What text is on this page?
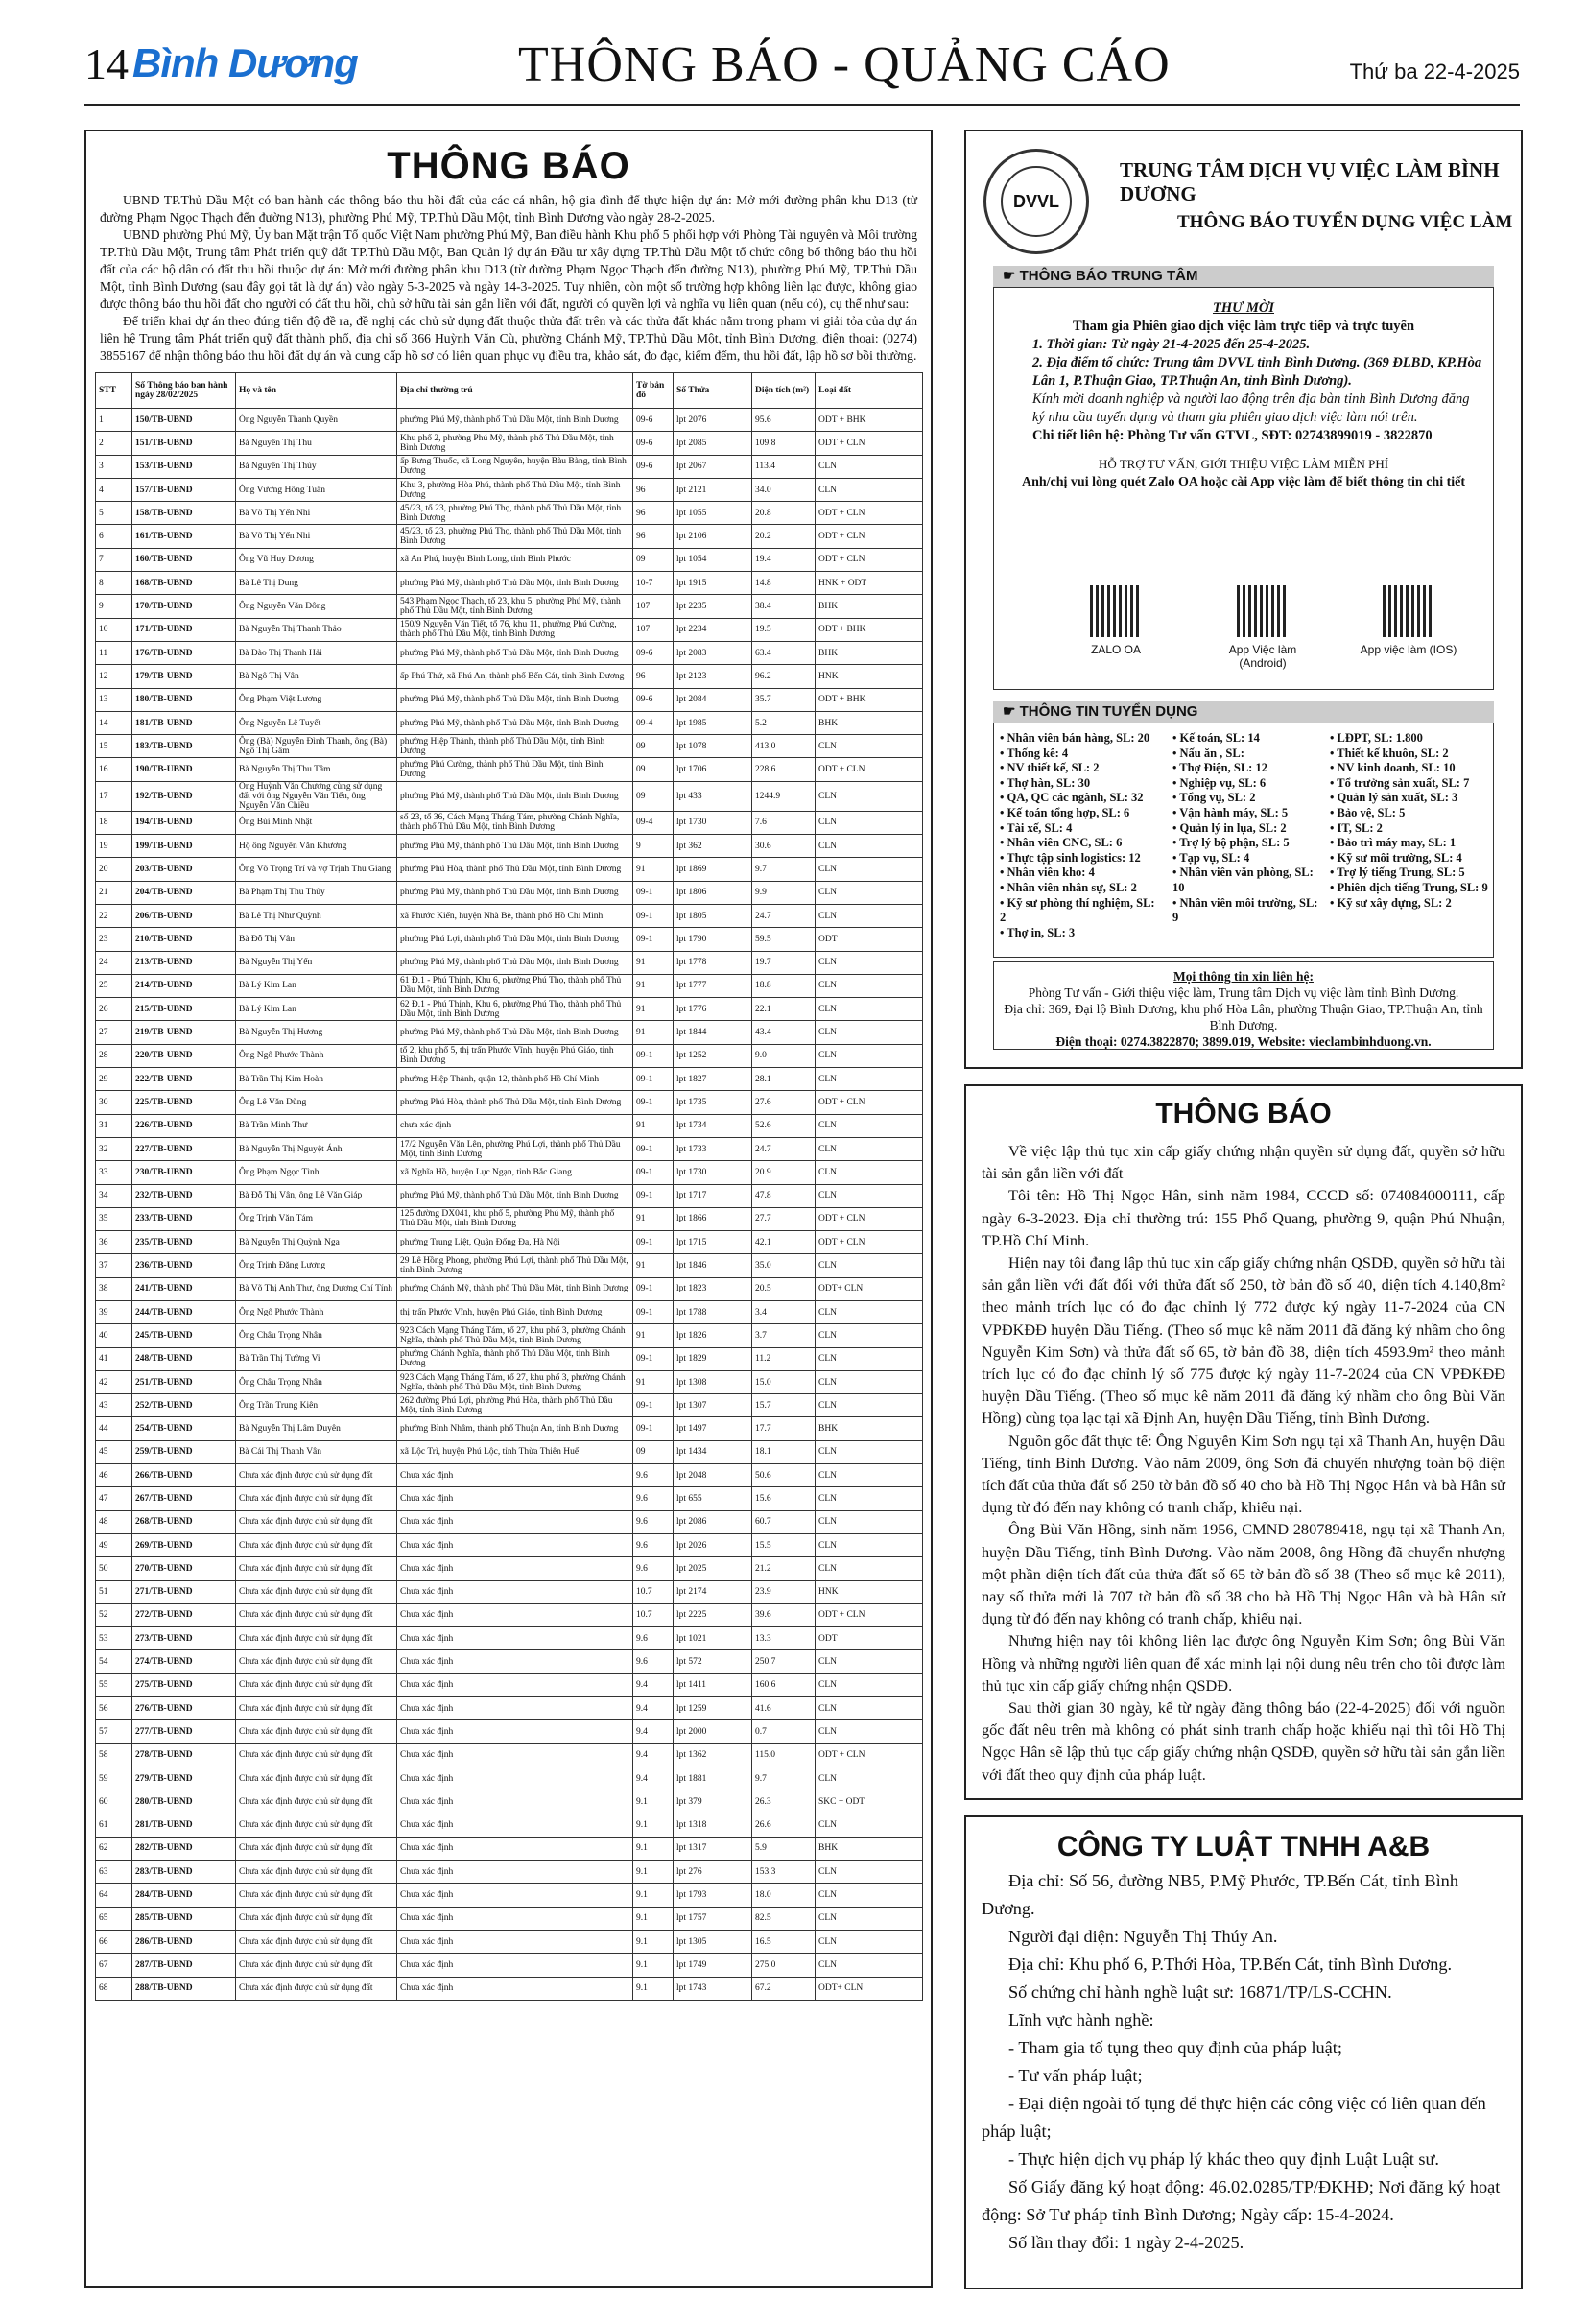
14 Bình Dương	THÔNG BÁO - QUẢNG CÁO	Thứ ba 22-4-2025
THÔNG BÁO

UBND TP.Thủ Dầu Một có ban hành các thông báo thu hồi đất của các cá nhân, hộ gia đình để thực hiện dự án: Mở mới đường phân khu D13 (từ đường Phạm Ngọc Thạch đến đường N13), phường Phú Mỹ, TP.Thủ Dầu Một, tỉnh Bình Dương vào ngày 28-2-2025.

UBND phường Phú Mỹ, Ủy ban Mặt trận Tổ quốc Việt Nam phường Phú Mỹ, Ban điều hành Khu phố 5 phối hợp với Phòng Tài nguyên và Môi trường TP.Thủ Dầu Một, Trung tâm Phát triển quỹ đất TP.Thủ Dầu Một, Ban Quản lý dự án Đầu tư xây dựng TP.Thủ Dầu Một tổ chức công bố thông báo thu hồi đất của các hộ dân có đất thu hồi thuộc dự án: Mở mới đường phân khu D13 (từ đường Phạm Ngọc Thạch đến đường N13), phường Phú Mỹ, TP.Thủ Dầu Một, tỉnh Bình Dương (sau đây gọi tắt là dự án) vào ngày 5-3-2025 và ngày 14-3-2025. Tuy nhiên, còn một số trường hợp không liên lạc được, không giao được thông báo thu hồi đất cho người có đất thu hồi, chủ sở hữu tài sản gắn liền với đất, người có quyền lợi và nghĩa vụ liên quan (nếu có), cụ thể như sau:

Để triển khai dự án theo đúng tiến độ đề ra, đề nghị các chủ sử dụng đất thuộc thửa đất trên và các thửa đất khác nằm trong phạm vi giải tỏa của dự án liên hệ Trung tâm Phát triển quỹ đất thành phố, địa chỉ số 366 Huỳnh Văn Cù, phường Chánh Mỹ, TP.Thủ Dầu Một, tỉnh Bình Dương, điện thoại: (0274) 3855167 để nhận thông báo thu hồi đất dự án và cung cấp hồ sơ có liên quan phục vụ điều tra, khảo sát, đo đạc, kiểm đếm, thu hồi đất, lập hồ sơ bồi thường.

STT	Số Thông báo ban hành ngày 28/02/2025	Họ và tên	Địa chỉ thường trú	Tờ bản đồ	Số Thửa	Diện tích (m²)	Loại đất
1	150/TB-UBND	Ông Nguyễn Thanh Quyền	phường Phú Mỹ, thành phố Thủ Dầu Một, tỉnh Bình Dương	09-6	lpt 2076	95.6	ODT + BHK
2	151/TB-UBND	Bà Nguyễn Thị Thu	Khu phố 2, phường Phú Mỹ, thành phố Thủ Dầu Một, tỉnh Bình Dương	09-6	lpt 2085	109.8	ODT + CLN
3	153/TB-UBND	Bà Nguyễn Thị Thủy	ấp Bưng Thuốc, xã Long Nguyên, huyện Bàu Bàng, tỉnh Bình Dương	09-6	lpt 2067	113.4	CLN
4	157/TB-UBND	Ông Vương Hồng Tuấn	Khu 3, phường Hòa Phú, thành phố Thủ Dầu Một, tỉnh Bình Dương	96	lpt 2121	34.0	CLN
5	158/TB-UBND	Bà Võ Thị Yến Nhi	45/23, tổ 23, phường Phú Thọ, thành phố Thủ Dầu Một, tỉnh Bình Dương	96	lpt 1055	20.8	ODT + CLN
6	161/TB-UBND	Bà Võ Thị Yến Nhi	45/23, tổ 23, phường Phú Thọ, thành phố Thủ Dầu Một, tỉnh Bình Dương	96	lpt 2106	20.2	ODT + CLN
7	160/TB-UBND	Ông Vũ Huy Dương	xã An Phú, huyện Bình Long, tỉnh Bình Phước	09	lpt 1054	19.4	ODT + CLN
8	168/TB-UBND	Bà Lê Thị Dung	phường Phú Mỹ, thành phố Thủ Dầu Một, tỉnh Bình Dương	10-7	lpt 1915	14.8	HNK + ODT
9	170/TB-UBND	Ông Nguyễn Văn Đông	543 Phạm Ngọc Thạch, tổ 23, khu 5, phường Phú Mỹ, thành phố Thủ Dầu Một, tỉnh Bình Dương	107	lpt 2235	38.4	BHK
10	171/TB-UBND	Bà Nguyễn Thị Thanh Thảo	150/9 Nguyễn Văn Tiết, tổ 76, khu 11, phường Phú Cường, thành phố Thủ Dầu Một, tỉnh Bình Dương	107	lpt 2234	19.5	ODT + BHK
11	176/TB-UBND	Bà Đào Thị Thanh Hải	phường Phú Mỹ, thành phố Thủ Dầu Một, tỉnh Bình Dương	09-6	lpt 2083	63.4	BHK
12	179/TB-UBND	Bà Ngô Thị Vân	ấp Phú Thứ, xã Phú An, thành phố Bến Cát, tỉnh Bình Dương	96	lpt 2123	96.2	HNK
13	180/TB-UBND	Ông Phạm Việt Lương	phường Phú Mỹ, thành phố Thủ Dầu Một, tỉnh Bình Dương	09-6	lpt 2084	35.7	ODT + BHK
14	181/TB-UBND	Ông Nguyễn Lê Tuyết	phường Phú Mỹ, thành phố Thủ Dầu Một, tỉnh Bình Dương	09-4	lpt 1985	5.2	BHK
15	183/TB-UBND	Ông (Bà) Nguyễn Đình Thanh, ông (Bà) Ngô Thị Gấm	phường Hiệp Thành, thành phố Thủ Dầu Một, tỉnh Bình Dương	09	lpt 1078	413.0	CLN
16	190/TB-UBND	Bà Nguyễn Thị Thu Tâm	phường Phú Cường, thành phố Thủ Dầu Một, tỉnh Bình Dương	09	lpt 1706	228.6	ODT + CLN
17	192/TB-UBND	Ông Huỳnh Văn Chương cùng sử dụng đất với ông Nguyễn Văn Tiến, ông Nguyễn Văn Chiều	phường Phú Mỹ, thành phố Thủ Dầu Một, tỉnh Bình Dương	09	lpt 433	1244.9	CLN
18	194/TB-UBND	Ông Bùi Minh Nhật	số 23, tổ 36, Cách Mạng Tháng Tám, phường Chánh Nghĩa, thành phố Thủ Dầu Một, tỉnh Bình Dương	09-4	lpt 1730	7.6	CLN
19	199/TB-UBND	Hộ ông Nguyễn Văn Khương	phường Phú Mỹ, thành phố Thủ Dầu Một, tỉnh Bình Dương	9	lpt 362	30.6	CLN
20	203/TB-UBND	Ông Võ Trọng Trí và vợ Trịnh Thu Giang	phường Phú Hòa, thành phố Thủ Dầu Một, tỉnh Bình Dương	91	lpt 1869	9.7	CLN
21	204/TB-UBND	Bà Phạm Thị Thu Thủy	phường Phú Mỹ, thành phố Thủ Dầu Một, tỉnh Bình Dương	09-1	lpt 1806	9.9	CLN
22	206/TB-UBND	Bà Lê Thị Như Quỳnh	xã Phước Kiển, huyện Nhà Bè, thành phố Hồ Chí Minh	09-1	lpt 1805	24.7	CLN
23	210/TB-UBND	Bà Đỗ Thị Vân	phường Phú Lợi, thành phố Thủ Dầu Một, tỉnh Bình Dương	09-1	lpt 1790	59.5	ODT
24	213/TB-UBND	Bà Nguyễn Thị Yến	phường Phú Mỹ, thành phố Thủ Dầu Một, tỉnh Bình Dương	91	lpt 1778	19.7	CLN
25	214/TB-UBND	Bà Lý Kim Lan	61 Đ.1 - Phú Thịnh, Khu 6, phường Phú Thọ, thành phố Thủ Dầu Một, tỉnh Bình Dương	91	lpt 1777	18.8	CLN
26	215/TB-UBND	Bà Lý Kim Lan	62 Đ.1 - Phú Thịnh, Khu 6, phường Phú Thọ, thành phố Thủ Dầu Một, tỉnh Bình Dương	91	lpt 1776	22.1	CLN
27	219/TB-UBND	Bà Nguyễn Thị Hương	phường Phú Mỹ, thành phố Thủ Dầu Một, tỉnh Bình Dương	91	lpt 1844	43.4	CLN
28	220/TB-UBND	Ông Ngô Phước Thành	tổ 2, khu phố 5, thị trấn Phước Vĩnh, huyện Phú Giáo, tỉnh Bình Dương	09-1	lpt 1252	9.0	CLN
29	222/TB-UBND	Bà Trần Thị Kim Hoàn	phường Hiệp Thành, quận 12, thành phố Hồ Chí Minh	09-1	lpt 1827	28.1	CLN
30	225/TB-UBND	Ông Lê Văn Dũng	phường Phú Hòa, thành phố Thủ Dầu Một, tỉnh Bình Dương	09-1	lpt 1735	27.6	ODT + CLN
31	226/TB-UBND	Bà Trần Minh Thư	chưa xác định	91	lpt 1734	52.6	CLN
32	227/TB-UBND	Bà Nguyễn Thị Nguyệt Ánh	17/2 Nguyễn Văn Lên, phường Phú Lợi, thành phố Thủ Dầu Một, tỉnh Bình Dương	09-1	lpt 1733	24.7	CLN
33	230/TB-UBND	Ông Phạm Ngọc Tình	xã Nghĩa Hồ, huyện Lục Ngạn, tỉnh Bắc Giang	09-1	lpt 1730	20.9	CLN
34	232/TB-UBND	Bà Đỗ Thị Vân, ông Lê Văn Giáp	phường Phú Mỹ, thành phố Thủ Dầu Một, tỉnh Bình Dương	09-1	lpt 1717	47.8	CLN
35	233/TB-UBND	Ông Trịnh Văn Tám	125 đường DX041, khu phố 5, phường Phú Mỹ, thành phố Thủ Dầu Một, tỉnh Bình Dương	91	lpt 1866	27.7	ODT + CLN
36	235/TB-UBND	Bà Nguyễn Thị Quỳnh Nga	phường Trung Liệt, Quận Đống Đa, Hà Nội	09-1	lpt 1715	42.1	ODT + CLN
37	236/TB-UBND	Ông Trịnh Đăng Lương	29 Lê Hồng Phong, phường Phú Lợi, thành phố Thủ Dầu Một, tỉnh Bình Dương	91	lpt 1846	35.0	CLN
38	241/TB-UBND	Bà Võ Thị Anh Thư, ông Dương Chí Tính	phường Chánh Mỹ, thành phố Thủ Dầu Một, tỉnh Bình Dương	09-1	lpt 1823	20.5	ODT+ CLN
39	244/TB-UBND	Ông Ngô Phước Thành	thị trấn Phước Vĩnh, huyện Phú Giáo, tỉnh Bình Dương	09-1	lpt 1788	3.4	CLN
40	245/TB-UBND	Ông Châu Trọng Nhân	923 Cách Mạng Tháng Tám, tổ 27, khu phố 3, phường Chánh Nghĩa, thành phố Thủ Dầu Một, tỉnh Bình Dương	91	lpt 1826	3.7	CLN
41	248/TB-UBND	Bà Trần Thị Tường Vi	phường Chánh Nghĩa, thành phố Thủ Dầu Một, tỉnh Bình Dương	09-1	lpt 1829	11.2	CLN
42	251/TB-UBND	Ông Châu Trọng Nhân	923 Cách Mạng Tháng Tám, tổ 27, khu phố 3, phường Chánh Nghĩa, thành phố Thủ Dầu Một, tỉnh Bình Dương	91	lpt 1308	15.0	CLN
43	252/TB-UBND	Ông Trần Trung Kiên	262 đường Phú Lợi, phường Phú Hòa, thành phố Thủ Dầu Một, tỉnh Bình Dương	09-1	lpt 1307	15.7	CLN
44	254/TB-UBND	Bà Nguyễn Thị Lâm Duyên	phường Bình Nhâm, thành phố Thuận An, tỉnh Bình Dương	09-1	lpt 1497	17.7	BHK
45	259/TB-UBND	Bà Cái Thị Thanh Vân	xã Lộc Trì, huyện Phú Lộc, tỉnh Thừa Thiên Huế	09	lpt 1434	18.1	CLN
46	266/TB-UBND	Chưa xác định được chủ sử dụng đất	Chưa xác định	9.6	lpt 2048	50.6	CLN
47	267/TB-UBND	Chưa xác định được chủ sử dụng đất	Chưa xác định	9.6	lpt 655	15.6	CLN
48	268/TB-UBND	Chưa xác định được chủ sử dụng đất	Chưa xác định	9.6	lpt 2086	60.7	CLN
49	269/TB-UBND	Chưa xác định được chủ sử dụng đất	Chưa xác định	9.6	lpt 2026	15.5	CLN
50	270/TB-UBND	Chưa xác định được chủ sử dụng đất	Chưa xác định	9.6	lpt 2025	21.2	CLN
51	271/TB-UBND	Chưa xác định được chủ sử dụng đất	Chưa xác định	10.7	lpt 2174	23.9	HNK
52	272/TB-UBND	Chưa xác định được chủ sử dụng đất	Chưa xác định	10.7	lpt 2225	39.6	ODT + CLN
53	273/TB-UBND	Chưa xác định được chủ sử dụng đất	Chưa xác định	9.6	lpt 1021	13.3	ODT
54	274/TB-UBND	Chưa xác định được chủ sử dụng đất	Chưa xác định	9.6	lpt 572	250.7	CLN
55	275/TB-UBND	Chưa xác định được chủ sử dụng đất	Chưa xác định	9.4	lpt 1411	160.6	CLN
56	276/TB-UBND	Chưa xác định được chủ sử dụng đất	Chưa xác định	9.4	lpt 1259	41.6	CLN
57	277/TB-UBND	Chưa xác định được chủ sử dụng đất	Chưa xác định	9.4	lpt 2000	0.7	CLN
58	278/TB-UBND	Chưa xác định được chủ sử dụng đất	Chưa xác định	9.4	lpt 1362	115.0	ODT + CLN
59	279/TB-UBND	Chưa xác định được chủ sử dụng đất	Chưa xác định	9.4	lpt 1881	9.7	CLN
60	280/TB-UBND	Chưa xác định được chủ sử dụng đất	Chưa xác định	9.1	lpt 379	26.3	SKC + ODT
61	281/TB-UBND	Chưa xác định được chủ sử dụng đất	Chưa xác định	9.1	lpt 1318	26.6	CLN
62	282/TB-UBND	Chưa xác định được chủ sử dụng đất	Chưa xác định	9.1	lpt 1317	5.9	BHK
63	283/TB-UBND	Chưa xác định được chủ sử dụng đất	Chưa xác định	9.1	lpt 276	153.3	CLN
64	284/TB-UBND	Chưa xác định được chủ sử dụng đất	Chưa xác định	9.1	lpt 1793	18.0	CLN
65	285/TB-UBND	Chưa xác định được chủ sử dụng đất	Chưa xác định	9.1	lpt 1757	82.5	CLN
66	286/TB-UBND	Chưa xác định được chủ sử dụng đất	Chưa xác định	9.1	lpt 1305	16.5	CLN
67	287/TB-UBND	Chưa xác định được chủ sử dụng đất	Chưa xác định	9.1	lpt 1749	275.0	CLN
68	288/TB-UBND	Chưa xác định được chủ sử dụng đất	Chưa xác định	9.1	lpt 1743	67.2	ODT+ CLN
DVVL
TRUNG TÂM DỊCH VỤ VIỆC LÀM BÌNH DƯƠNG
THÔNG BÁO TUYỂN DỤNG VIỆC LÀM
☛ THÔNG BÁO TRUNG TÂM
THƯ MỜI
Tham gia Phiên giao dịch việc làm trực tiếp và trực tuyến
1. Thời gian: Từ ngày 21-4-2025 đến 25-4-2025.
2. Địa điểm tổ chức: Trung tâm DVVL tỉnh Bình Dương. (369 ĐLBD, KP.Hòa Lân 1, P.Thuận Giao, TP.Thuận An, tỉnh Bình Dương).
Kính mời doanh nghiệp và người lao động trên địa bàn tỉnh Bình Dương đăng ký nhu cầu tuyển dụng và tham gia phiên giao dịch việc làm nói trên.
Chi tiết liên hệ: Phòng Tư vấn GTVL, SĐT: 02743899019 - 3822870
HỖ TRỢ TƯ VẤN, GIỚI THIỆU VIỆC LÀM MIỄN PHÍ
Anh/chị vui lòng quét Zalo OA hoặc cài App việc làm để biết thông tin chi tiết
ZALO OA	App Việc làm (Android)
App việc làm (IOS)
☛ THÔNG TIN TUYỂN DỤNG
• Nhân viên bán hàng, SL: 20
• Thống kê: 4
• NV thiết kế, SL: 2
• Thợ hàn, SL: 30
• QA, QC các ngành, SL: 32
• Kế toán tổng hợp, SL: 6
• Tài xế, SL: 4
• Nhân viên CNC, SL: 6
• Thực tập sinh logistics: 12
• Nhân viên kho: 4
• Nhân viên nhân sự, SL: 2
• Kỹ sư phòng thí nghiệm, SL: 2
• Thợ in, SL: 3
• Kế toán, SL: 14
• Nấu ăn , SL:
• Thợ Điện, SL: 12
• Nghiệp vụ, SL: 6
• Tổng vụ, SL: 2
• Vận hành máy, SL: 5
• Quản lý in lụa, SL: 2
• Trợ lý bộ phận, SL: 5
• Tạp vụ, SL: 4
• Nhân viên văn phòng, SL: 10
• Nhân viên môi trường, SL: 9
• LĐPT, SL: 1.800
• Thiết kế khuôn, SL: 2
• NV kinh doanh, SL: 10
• Tổ trưởng sản xuất, SL: 7
• Quản lý sản xuất, SL: 3
• Bảo vệ, SL: 5
• IT, SL: 2
• Bảo trì máy may, SL: 1
• Kỹ sư môi trường, SL: 4
• Trợ lý tiếng Trung, SL: 5
• Phiên dịch tiếng Trung, SL: 9
• Kỹ sư xây dựng, SL: 2
Mọi thông tin xin liên hệ:
Phòng Tư vấn - Giới thiệu việc làm, Trung tâm Dịch vụ việc làm tỉnh Bình Dương.
Địa chỉ: 369, Đại lộ Bình Dương, khu phố Hòa Lân, phường Thuận Giao, TP.Thuận An, tỉnh Bình Dương.
Điện thoại: 0274.3822870; 3899.019, Website: vieclambinhduong.vn.
THÔNG BÁO

Về việc lập thủ tục xin cấp giấy chứng nhận quyền sử dụng đất, quyền sở hữu tài sản gắn liền với đất

Tôi tên: Hồ Thị Ngọc Hân, sinh năm 1984, CCCD số: 074084000111, cấp ngày 6-3-2023. Địa chỉ thường trú: 155 Phổ Quang, phường 9, quận Phú Nhuận, TP.Hồ Chí Minh.

Hiện nay tôi đang lập thủ tục xin cấp giấy chứng nhận QSDĐ, quyền sở hữu tài sản gắn liền với đất đối với thửa đất số 250, tờ bản đồ số 40, diện tích 4.140,8m² theo mảnh trích lục có đo đạc chỉnh lý 772 được ký ngày 11-7-2024 của CN VPĐKĐĐ huyện Dầu Tiếng. (Theo số mục kê năm 2011 đã đăng ký nhầm cho ông Nguyễn Kim Sơn) và thửa đất số 65, tờ bản đồ 38, diện tích 4593.9m² theo mảnh trích lục có đo đạc chỉnh lý số 775 được ký ngày 11-7-2024 của CN VPĐKĐĐ huyện Dầu Tiếng. (Theo số mục kê năm 2011 đã đăng ký nhầm cho ông Bùi Văn Hồng) cùng tọa lạc tại xã Định An, huyện Dầu Tiếng, tỉnh Bình Dương.

Nguồn gốc đất thực tế: Ông Nguyễn Kim Sơn ngụ tại xã Thanh An, huyện Dầu Tiếng, tỉnh Bình Dương. Vào năm 2009, ông Sơn đã chuyển nhượng toàn bộ diện tích đất của thửa đất số 250 tờ bản đồ số 40 cho bà Hồ Thị Ngọc Hân và bà Hân sử dụng từ đó đến nay không có tranh chấp, khiếu nại.

Ông Bùi Văn Hồng, sinh năm 1956, CMND 280789418, ngụ tại xã Thanh An, huyện Dầu Tiếng, tỉnh Bình Dương. Vào năm 2008, ông Hồng đã chuyển nhượng một phần diện tích đất của thửa đất số 65 tờ bản đồ số 38 (Theo số mục kê 2011), nay số thửa mới là 707 tờ bản đồ số 38 cho bà Hồ Thị Ngọc Hân và bà Hân sử dụng từ đó đến nay không có tranh chấp, khiếu nại.

Nhưng hiện nay tôi không liên lạc được ông Nguyễn Kim Sơn; ông Bùi Văn Hồng và những người liên quan để xác minh lại nội dung nêu trên cho tôi được làm thủ tục xin cấp giấy chứng nhận QSDĐ.

Sau thời gian 30 ngày, kể từ ngày đăng thông báo (22-4-2025) đối với nguồn gốc đất nêu trên mà không có phát sinh tranh chấp hoặc khiếu nại thì tôi Hồ Thị Ngọc Hân sẽ lập thủ tục cấp giấy chứng nhận QSDĐ, quyền sở hữu tài sản gắn liền với đất theo quy định của pháp luật.

CÔNG TY LUẬT TNHH A&B
Địa chỉ: Số 56, đường NB5, P.Mỹ Phước, TP.Bến Cát, tỉnh Bình Dương.
Người đại diện: Nguyễn Thị Thúy An.
Địa chỉ: Khu phố 6, P.Thới Hòa, TP.Bến Cát, tỉnh Bình Dương.
Số chứng chỉ hành nghề luật sư: 16871/TP/LS-CCHN.
Lĩnh vực hành nghề:
- Tham gia tố tụng theo quy định của pháp luật;
- Tư vấn pháp luật;
- Đại diện ngoài tố tụng để thực hiện các công việc có liên quan đến pháp luật;
- Thực hiện dịch vụ pháp lý khác theo quy định Luật Luật sư.
Số Giấy đăng ký hoạt động: 46.02.0285/TP/ĐKHĐ; Nơi đăng ký hoạt động: Sở Tư pháp tỉnh Bình Dương; Ngày cấp: 15-4-2024.
Số lần thay đổi: 1 ngày 2-4-2025.
